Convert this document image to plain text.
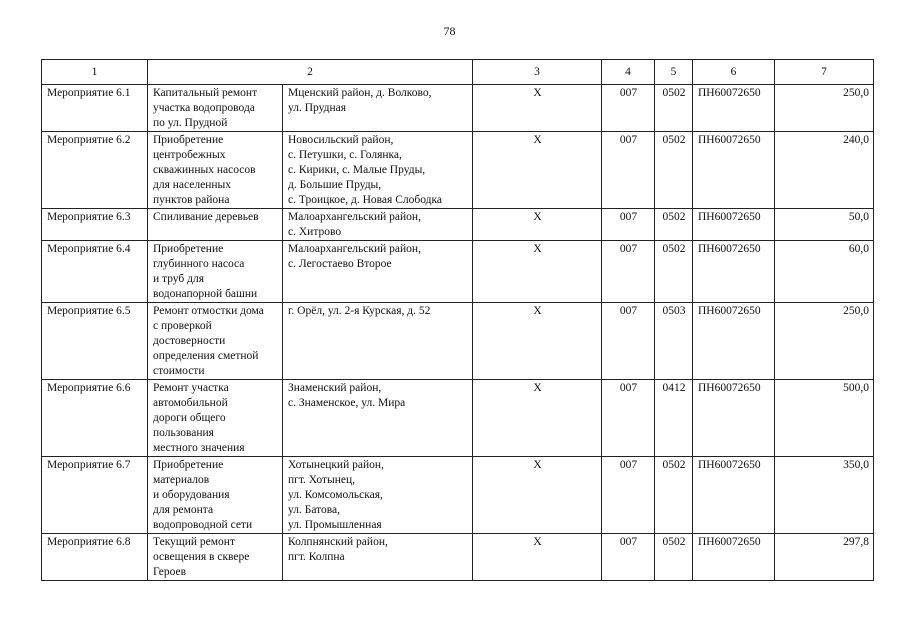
78
1	2		3	4	5	6	7
Мероприятие 6.1	Капитальный ремонт
участка водопровода
по ул. Прудной	Мценский район, д. Волково,
ул. Прудная	X	007	0502	ПН60072650	250,0
Мероприятие 6.2	Приобретение
центробежных
скважинных насосов
для населенных
пунктов района	Новосильский район,
с. Петушки, с. Голянка,
с. Кирики, с. Малые Пруды,
д. Большие Пруды,
с. Троицкое, д. Новая Слободка	X	007	0502	ПН60072650	240,0
Мероприятие 6.3	Спиливание деревьев	Малоархангельский район,
с. Хитрово	X	007	0502	ПН60072650	50,0
Мероприятие 6.4	Приобретение
глубинного насоса
и труб для
водонапорной башни	Малоархангельский район,
с. Легостаево Второе	X	007	0502	ПН60072650	60,0
Мероприятие 6.5	Ремонт отмостки дома
с проверкой
достоверности
определения сметной
стоимости	г. Орёл, ул. 2-я Курская, д. 52	X	007	0503	ПН60072650	250,0
Мероприятие 6.6	Ремонт участка
автомобильной
дороги общего
пользования
местного значения	Знаменский район,
с. Знаменское, ул. Мира	X	007	0412	ПН60072650	500,0
Мероприятие 6.7	Приобретение
материалов
и оборудования
для ремонта
водопроводной сети	Хотынецкий район,
пгт. Хотынец,
ул. Комсомольская,
ул. Батова,
ул. Промышленная	X	007	0502	ПН60072650	350,0
Мероприятие 6.8	Текущий ремонт
освещения в сквере
Героев	Колпнянский район,
пгт. Колпна	X	007	0502	ПН60072650	297,8
